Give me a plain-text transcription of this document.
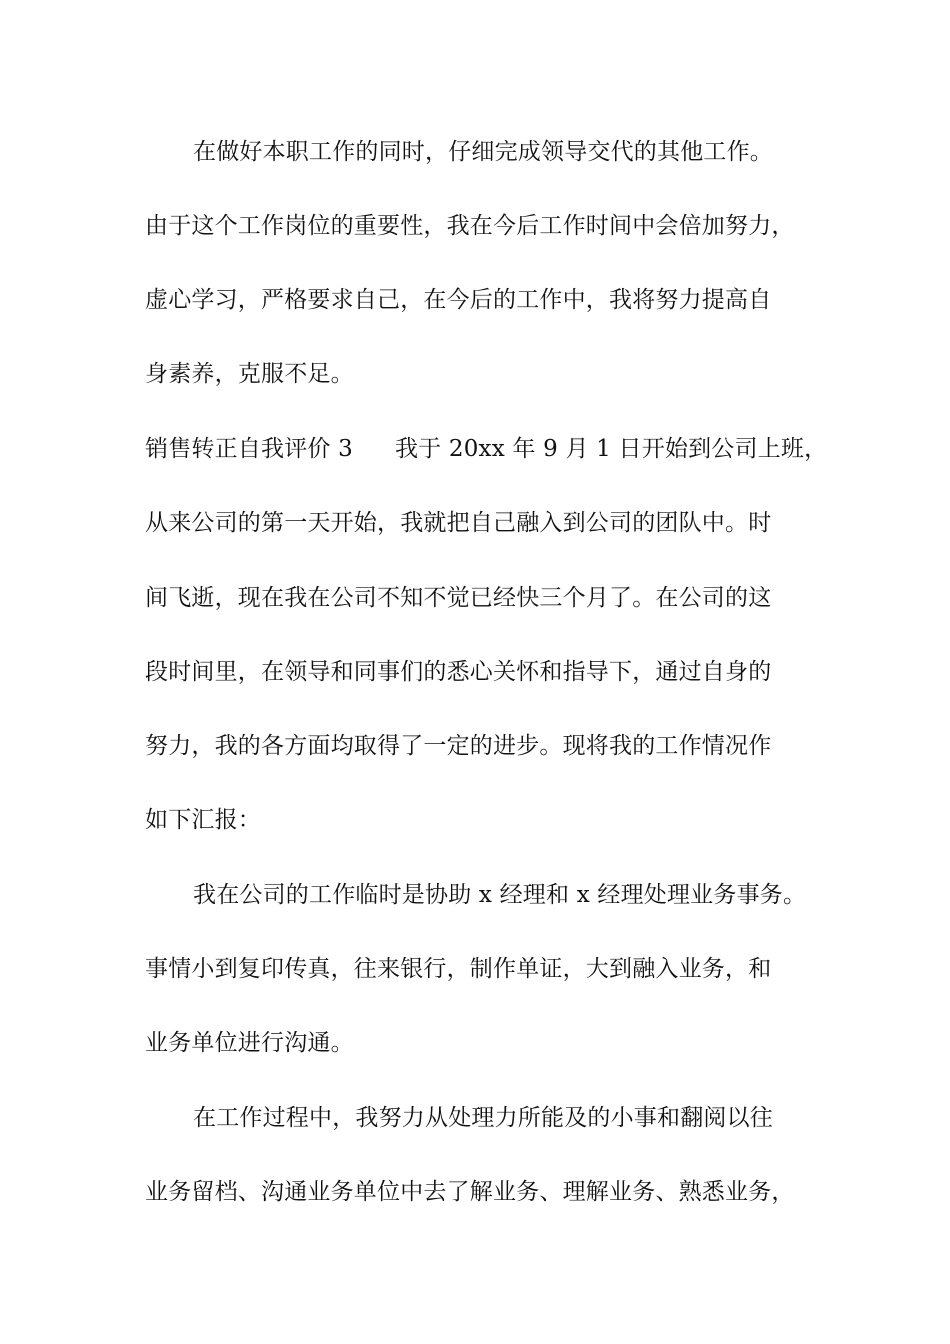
在做好本职工作的同时，仔细完成领导交代的其他工作。
由于这个工作岗位的重要性，我在今后工作时间中会倍加努力，
虚心学习，严格要求自己，在今后的工作中，我将努力提高自
身素养，克服不足。
销售转正自我评价 3 我于 20xx 年 9 月 1 日开始到公司上班，
从来公司的第一天开始，我就把自己融入到公司的团队中。时
间飞逝，现在我在公司不知不觉已经快三个月了。在公司的这
段时间里，在领导和同事们的悉心关怀和指导下，通过自身的
努力，我的各方面均取得了一定的进步。现将我的工作情况作
如下汇报：
我在公司的工作临时是协助 x 经理和 x 经理处理业务事务。
事情小到复印传真，往来银行，制作单证，大到融入业务，和
业务单位进行沟通。
在工作过程中，我努力从处理力所能及的小事和翻阅以往
业务留档、沟通业务单位中去了解业务、理解业务、熟悉业务，
